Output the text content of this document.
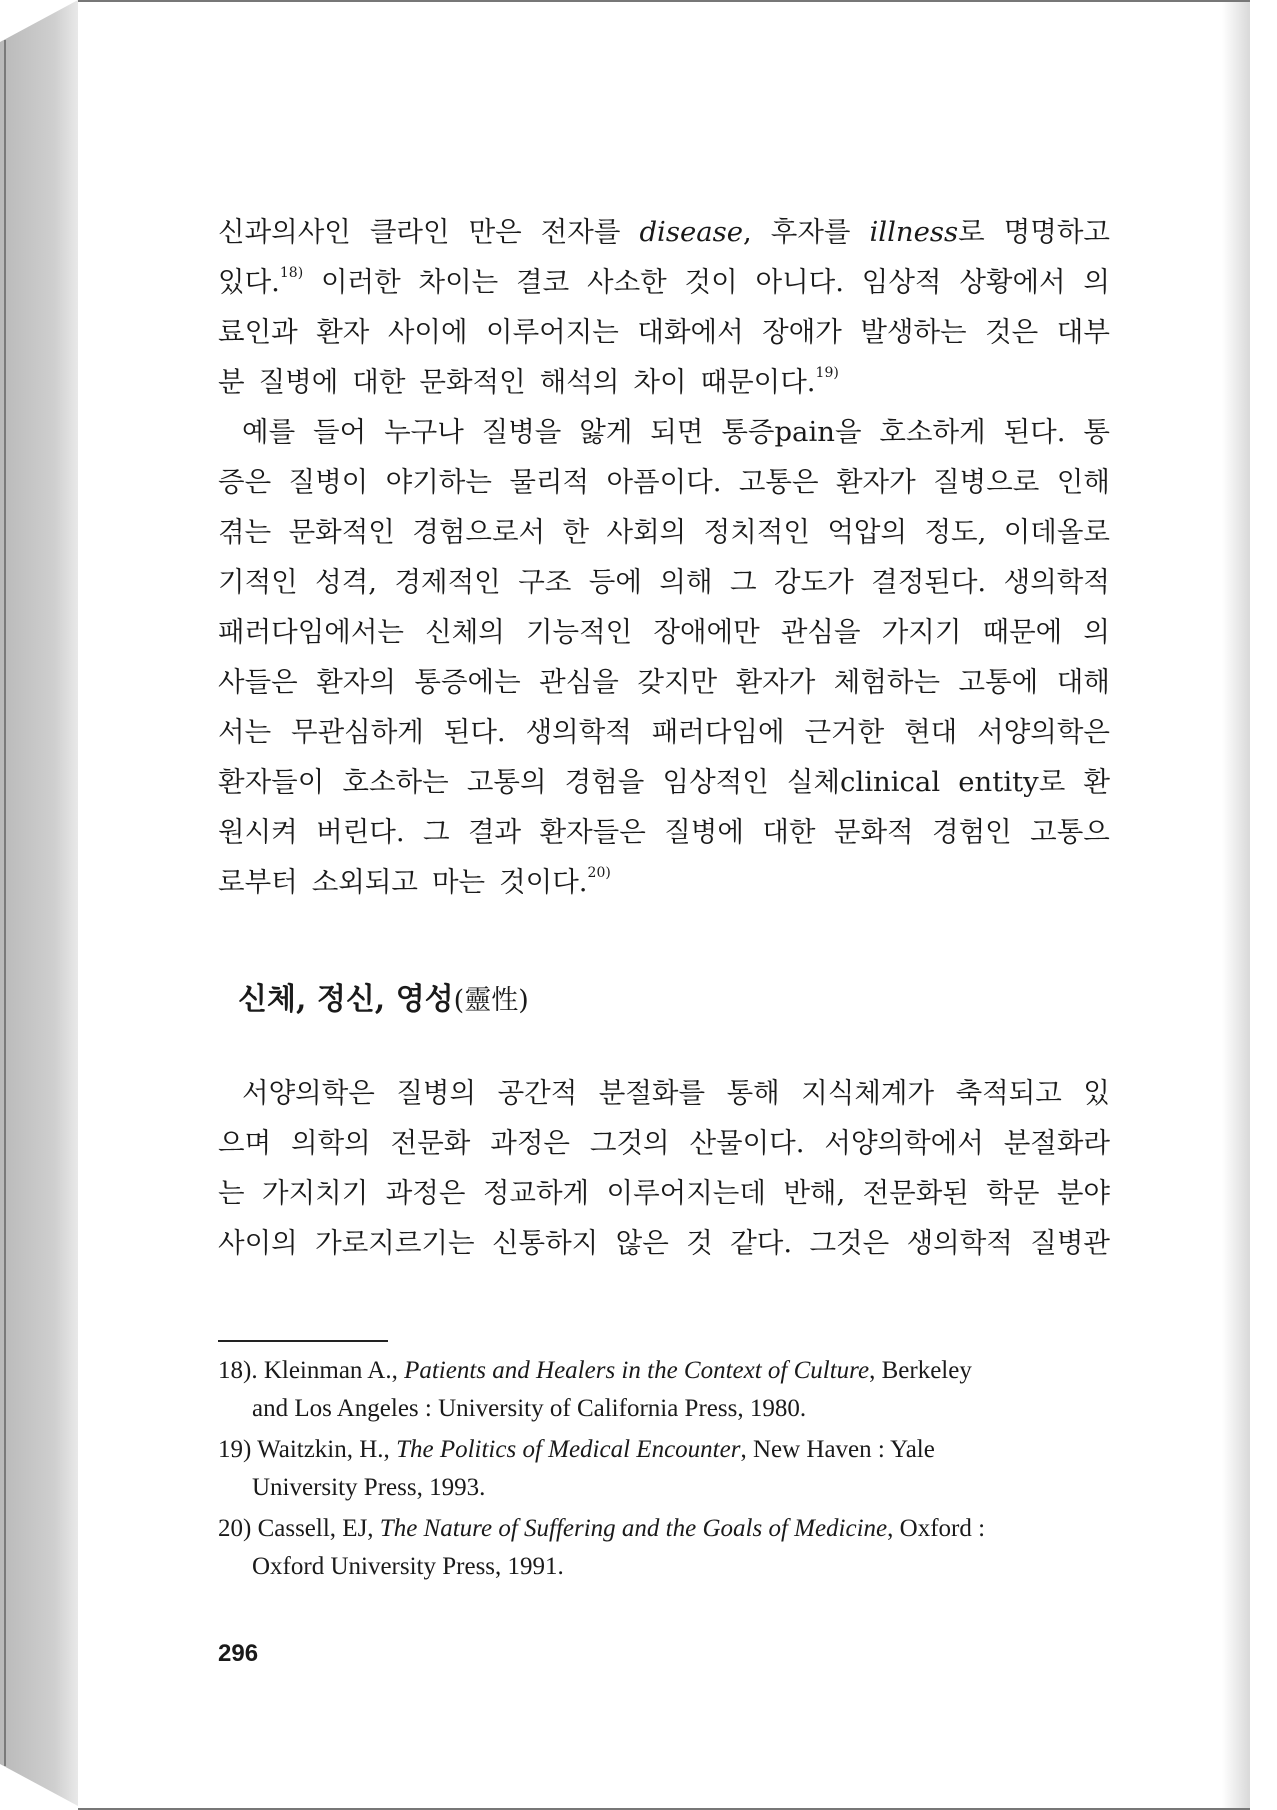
신과의사인 클라인 만은 전자를 disease, 후자를 illness로 명명하고
있다.$^{18)}$ 이러한 차이는 결코 사소한 것이 아니다. 임상적 상황에서 의
료인과 환자 사이에 이루어지는 대화에서 장애가 발생하는 것은 대부
분 질병에 대한 문화적인 해석의 차이 때문이다.$^{19)}$
예를 들어 누구나 질병을 앓게 되면 통증pain을 호소하게 된다. 통
증은 질병이 야기하는 물리적 아픔이다. 고통은 환자가 질병으로 인해
겪는 문화적인 경험으로서 한 사회의 정치적인 억압의 정도, 이데올로
기적인 성격, 경제적인 구조 등에 의해 그 강도가 결정된다. 생의학적
패러다임에서는 신체의 기능적인 장애에만 관심을 가지기 때문에 의
사들은 환자의 통증에는 관심을 갖지만 환자가 체험하는 고통에 대해
서는 무관심하게 된다. 생의학적 패러다임에 근거한 현대 서양의학은
환자들이 호소하는 고통의 경험을 임상적인 실체clinical entity로 환
원시켜 버린다. 그 결과 환자들은 질병에 대한 문화적 경험인 고통으
로부터 소외되고 마는 것이다.$^{20)}$
신체, 정신, 영성(靈性)
서양의학은 질병의 공간적 분절화를 통해 지식체계가 축적되고 있
으며 의학의 전문화 과정은 그것의 산물이다. 서양의학에서 분절화라
는 가지치기 과정은 정교하게 이루어지는데 반해, 전문화된 학문 분야
사이의 가로지르기는 신통하지 않은 것 같다. 그것은 생의학적 질병관
18). Kleinman A., Patients and Healers in the Context of Culture, Berkeley
and Los Angeles : University of California Press, 1980.
19) Waitzkin, H., The Politics of Medical Encounter, New Haven : Yale
University Press, 1993.
20) Cassell, EJ, The Nature of Suffering and the Goals of Medicine, Oxford :
Oxford University Press, 1991.
296
